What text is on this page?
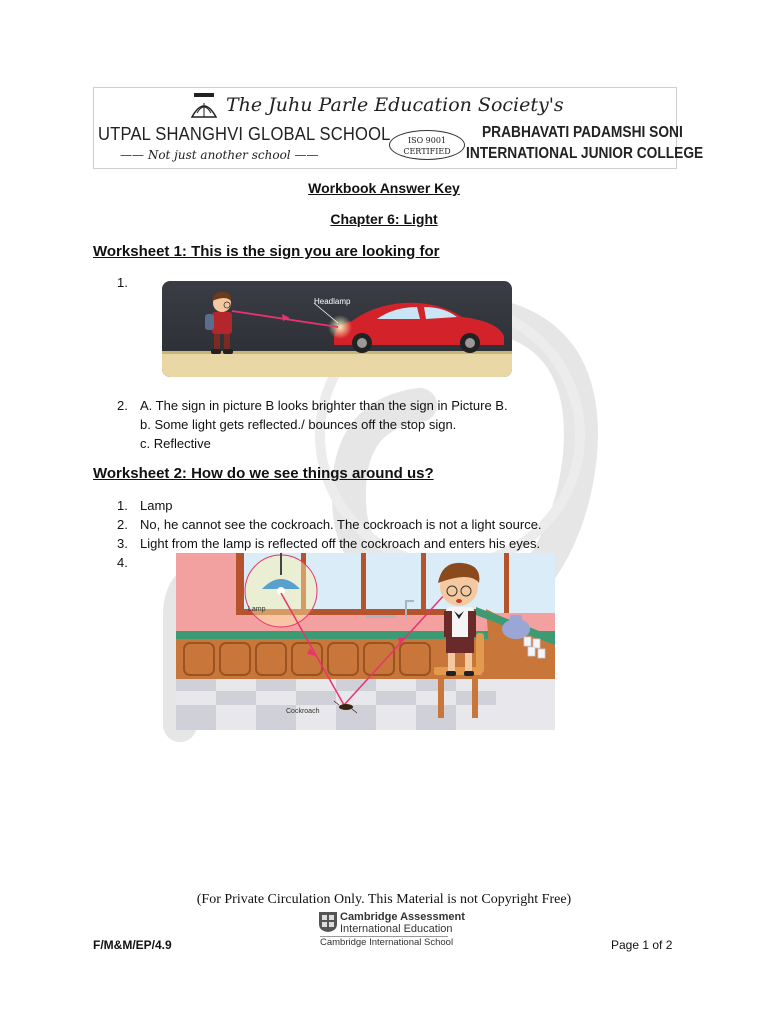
The Juhu Parle Education Society's
UTPAL SHANGHVI GLOBAL SCHOOL
—— Not just another school ——
ISO 9001
CERTIFIED
PRABHAVATI PADAMSHI SONI
INTERNATIONAL JUNIOR COLLEGE
Workbook Answer Key
Chapter 6: Light
Worksheet 1: This is the sign you are looking for
1.
Headlamp
2. A. The sign in picture B looks brighter than the sign in Picture B.
b. Some light gets reflected./ bounces off the stop sign.
c. Reflective
Worksheet 2: How do we see things around us?
1. Lamp
2. No, he cannot see the cockroach. The cockroach is not a light source.
3. Light from the lamp is reflected off the cockroach and enters his eyes.
4.
Lamp
Cockroach
(For Private Circulation Only. This Material is not Copyright Free)
Cambridge Assessment
International Education
Cambridge International School
F/M&M/EP/4.9	Page 1 of 2
